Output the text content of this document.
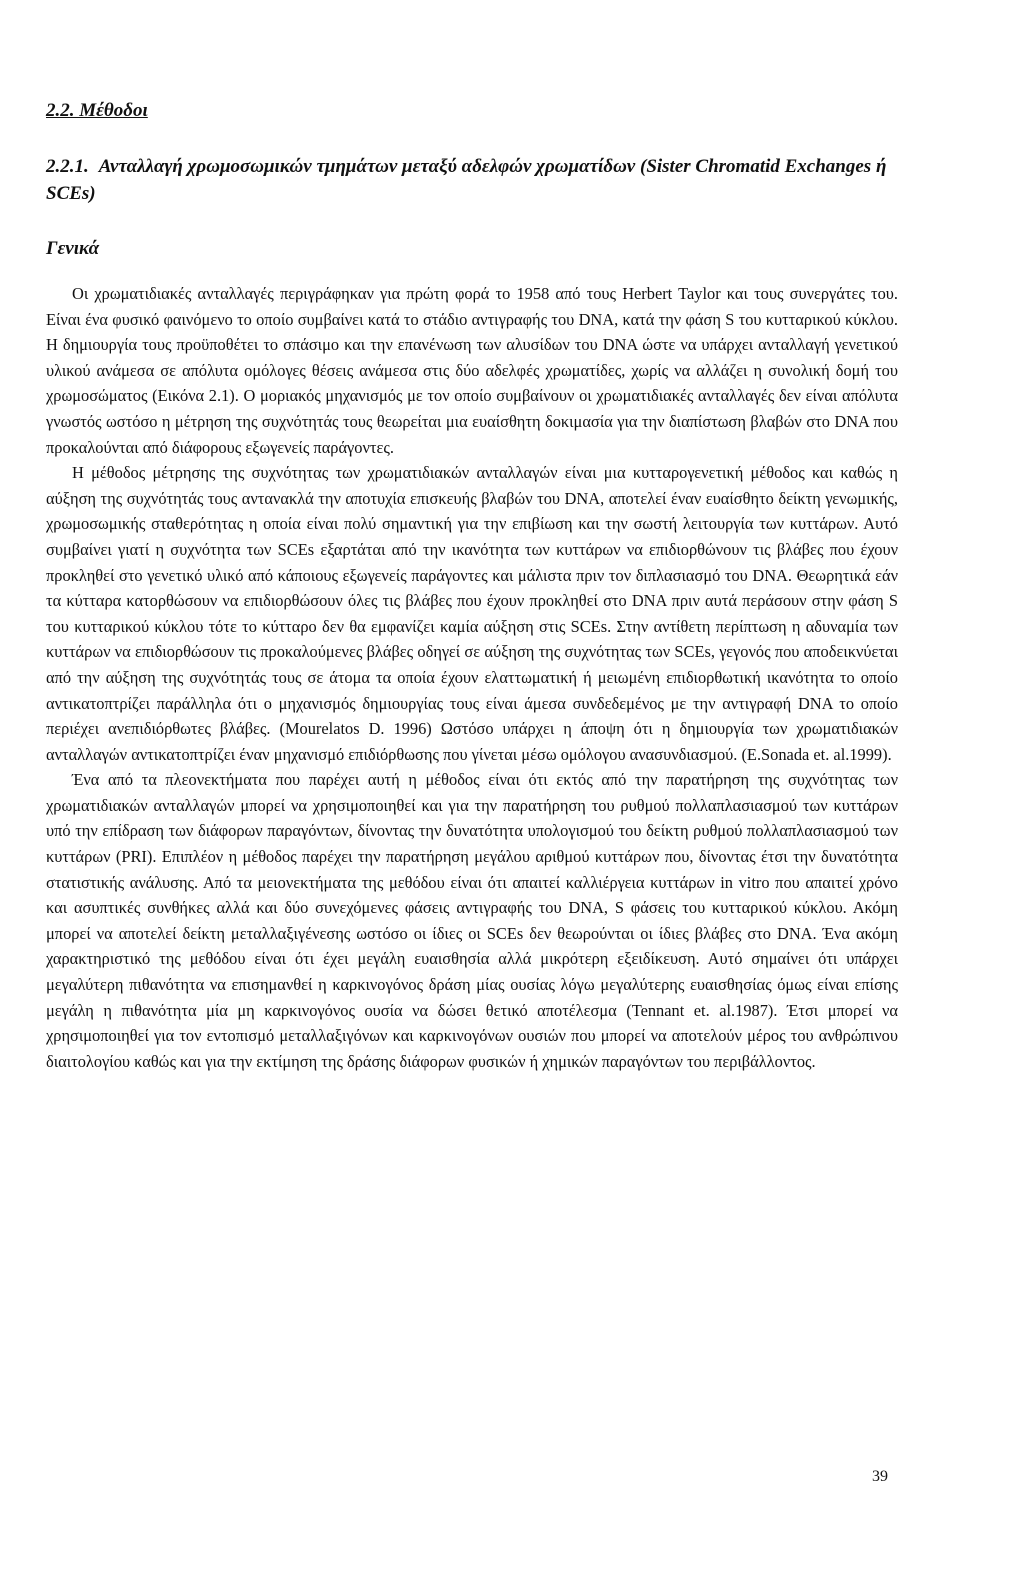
2.2. Μέθοδοι
2.2.1. Ανταλλαγή χρωμοσωμικών τμημάτων μεταξύ αδελφών χρωματίδων (Sister Chromatid Exchanges ή SCEs)
Γενικά

Οι χρωματιδιακές ανταλλαγές περιγράφηκαν για πρώτη φορά το 1958 από τους Herbert Taylor και τους συνεργάτες του. Είναι ένα φυσικό φαινόμενο το οποίο συμβαίνει κατά το στάδιο αντιγραφής του DNA, κατά την φάση S του κυτταρικού κύκλου. Η δημιουργία τους προϋποθέτει το σπάσιμο και την επανένωση των αλυσίδων του DNA ώστε να υπάρχει ανταλλαγή γενετικού υλικού ανάμεσα σε απόλυτα ομόλογες θέσεις ανάμεσα στις δύο αδελφές χρωματίδες, χωρίς να αλλάζει η συνολική δομή του χρωμοσώματος (Εικόνα 2.1). Ο μοριακός μηχανισμός με τον οποίο συμβαίνουν οι χρωματιδιακές ανταλλαγές δεν είναι απόλυτα γνωστός ωστόσο η μέτρηση της συχνότητάς τους θεωρείται μια ευαίσθητη δοκιμασία για την διαπίστωση βλαβών στο DNA που προκαλούνται από διάφορους εξωγενείς παράγοντες.

Η μέθοδος μέτρησης της συχνότητας των χρωματιδιακών ανταλλαγών είναι μια κυτταρογενετική μέθοδος και καθώς η αύξηση της συχνότητάς τους αντανακλά την αποτυχία επισκευής βλαβών του DNA, αποτελεί έναν ευαίσθητο δείκτη γενωμικής, χρωμοσωμικής σταθερότητας η οποία είναι πολύ σημαντική για την επιβίωση και την σωστή λειτουργία των κυττάρων. Αυτό συμβαίνει γιατί η συχνότητα των SCEs εξαρτάται από την ικανότητα των κυττάρων να επιδιορθώνουν τις βλάβες που έχουν προκληθεί στο γενετικό υλικό από κάποιους εξωγενείς παράγοντες και μάλιστα πριν τον διπλασιασμό του DNA. Θεωρητικά εάν τα κύτταρα κατορθώσουν να επιδιορθώσουν όλες τις βλάβες που έχουν προκληθεί στο DNA πριν αυτά περάσουν στην φάση S του κυτταρικού κύκλου τότε το κύτταρο δεν θα εμφανίζει καμία αύξηση στις SCEs. Στην αντίθετη περίπτωση η αδυναμία των κυττάρων να επιδιορθώσουν τις προκαλούμενες βλάβες οδηγεί σε αύξηση της συχνότητας των SCEs, γεγονός που αποδεικνύεται από την αύξηση της συχνότητάς τους σε άτομα τα οποία έχουν ελαττωματική ή μειωμένη επιδιορθωτική ικανότητα το οποίο αντικατοπτρίζει παράλληλα ότι ο μηχανισμός δημιουργίας τους είναι άμεσα συνδεδεμένος με την αντιγραφή DNA το οποίο περιέχει ανεπιδιόρθωτες βλάβες. (Mourelatos D. 1996) Ωστόσο υπάρχει η άποψη ότι η δημιουργία των χρωματιδιακών ανταλλαγών αντικατοπτρίζει έναν μηχανισμό επιδιόρθωσης που γίνεται μέσω ομόλογου ανασυνδιασμού. (E.Sonada et. al.1999).

Ένα από τα πλεονεκτήματα που παρέχει αυτή η μέθοδος είναι ότι εκτός από την παρατήρηση της συχνότητας των χρωματιδιακών ανταλλαγών μπορεί να χρησιμοποιηθεί και για την παρατήρηση του ρυθμού πολλαπλασιασμού των κυττάρων υπό την επίδραση των διάφορων παραγόντων, δίνοντας την δυνατότητα υπολογισμού του δείκτη ρυθμού πολλαπλασιασμού των κυττάρων (PRI). Επιπλέον η μέθοδος παρέχει την παρατήρηση μεγάλου αριθμού κυττάρων που, δίνοντας έτσι την δυνατότητα στατιστικής ανάλυσης. Από τα μειονεκτήματα της μεθόδου είναι ότι απαιτεί καλλιέργεια κυττάρων in vitro που απαιτεί χρόνο και ασυπτικές συνθήκες αλλά και δύο συνεχόμενες φάσεις αντιγραφής του DNA, S φάσεις του κυτταρικού κύκλου. Ακόμη μπορεί να αποτελεί δείκτη μεταλλαξιγένεσης ωστόσο οι ίδιες οι SCEs δεν θεωρούνται οι ίδιες βλάβες στο DNA. Ένα ακόμη χαρακτηριστικό της μεθόδου είναι ότι έχει μεγάλη ευαισθησία αλλά μικρότερη εξειδίκευση. Αυτό σημαίνει ότι υπάρχει μεγαλύτερη πιθανότητα να επισημανθεί η καρκινογόνος δράση μίας ουσίας λόγω μεγαλύτερης ευαισθησίας όμως είναι επίσης μεγάλη η πιθανότητα μία μη καρκινογόνος ουσία να δώσει θετικό αποτέλεσμα (Tennant et. al.1987). Έτσι μπορεί να χρησιμοποιηθεί για τον εντοπισμό μεταλλαξιγόνων και καρκινογόνων ουσιών που μπορεί να αποτελούν μέρος του ανθρώπινου διαιτολογίου καθώς και για την εκτίμηση της δράσης διάφορων φυσικών ή χημικών παραγόντων του περιβάλλοντος.

39
